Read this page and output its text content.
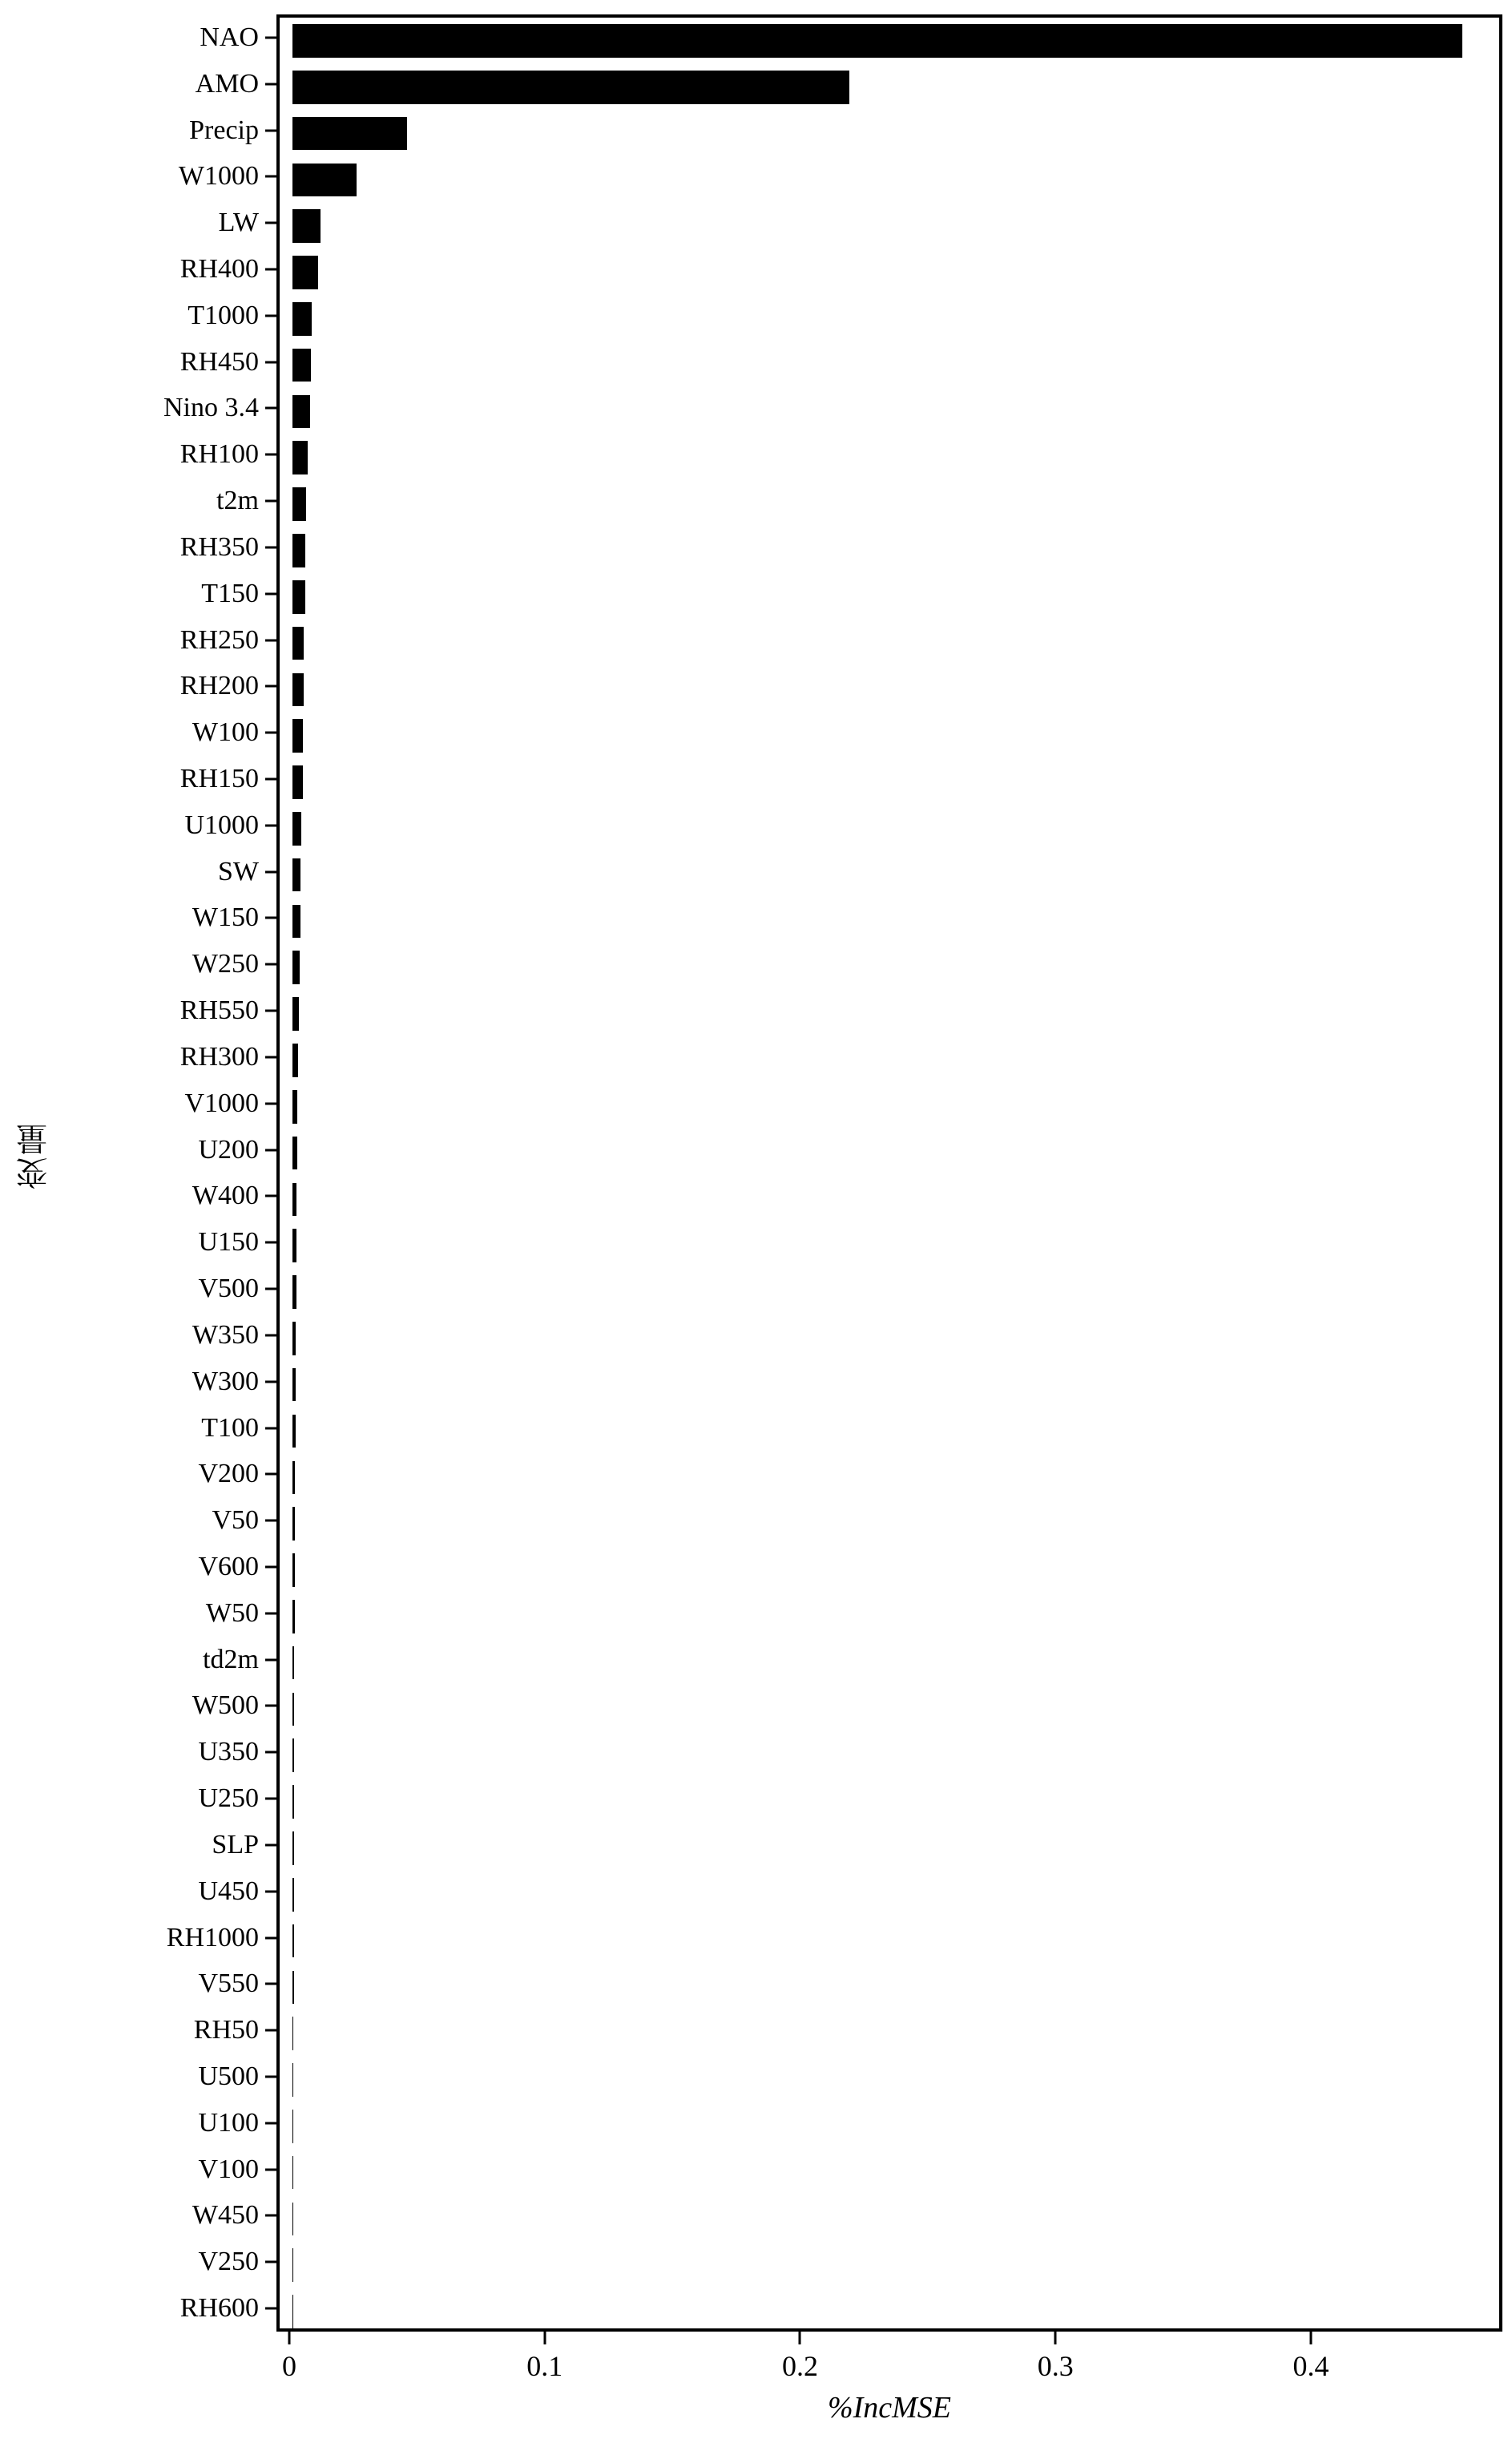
NAO
AMO
Precip
W1000
LW
RH400
T1000
RH450
Nino 3.4
RH100
t2m
RH350
T150
RH250
RH200
W100
RH150
U1000
SW
W150
W250
RH550
RH300
V1000
U200
W400
U150
V500
W350
W300
T100
V200
V50
V600
W50
td2m
W500
U350
U250
SLP
U450
RH1000
V550
RH50
U500
U100
V100
W450
V250
RH600
0	0.1	0.2	0.3	0.4
%IncMSE
变量
